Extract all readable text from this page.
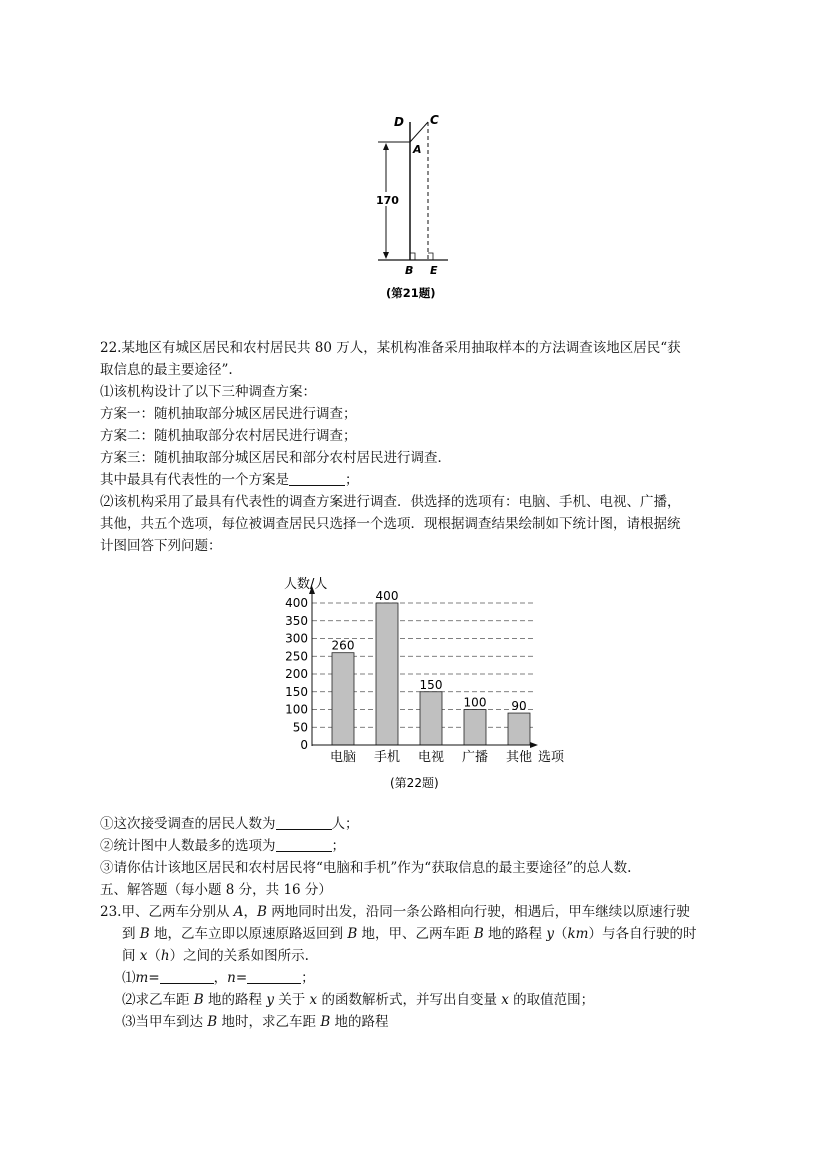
D C
A
170
B E
(第21题)
22.某地区有城区居民和农村居民共 80 万人，某机构准备采用抽取样本的方法调查该地区居民“获
取信息的最主要途径”.
⑴该机构设计了以下三种调查方案：
方案一：随机抽取部分城区居民进行调查；
方案二：随机抽取部分农村居民进行调查；
方案三：随机抽取部分城区居民和部分农村居民进行调查．
其中最具有代表性的一个方案是	；
⑵该机构采用了最具有代表性的调查方案进行调查．供选择的选项有：电脑、手机、电视、广播，
其他，共五个选项，每位被调查居民只选择一个选项．现根据调查结果绘制如下统计图，请根据统
计图回答下列问题：
0
50
100
150
200
250
300
350
400
260
电脑
400
手机
150
电视
100
广播
90
其他
人数/人
选项
(第22题)
①这次接受调查的居民人数为	人；
②统计图中人数最多的选项为	；
③请你估计该地区居民和农村居民将“电脑和手机”作为“获取信息的最主要途径”的总人数.
五、解答题（每小题 8 分，共 16 分）
23.甲、乙两车分别从 A，B 两地同时出发，沿同一条公路相向行驶，相遇后，甲车继续以原速行驶
到 B 地，乙车立即以原速原路返回到 B 地，甲、乙两车距 B 地的路程 y（km）与各自行驶的时
间 x（h）之间的关系如图所示.
⑴m=	，n=	；
⑵求乙车距 B 地的路程 y 关于 x 的函数解析式，并写出自变量 x 的取值范围；
⑶当甲车到达 B 地时，求乙车距 B 地的路程
